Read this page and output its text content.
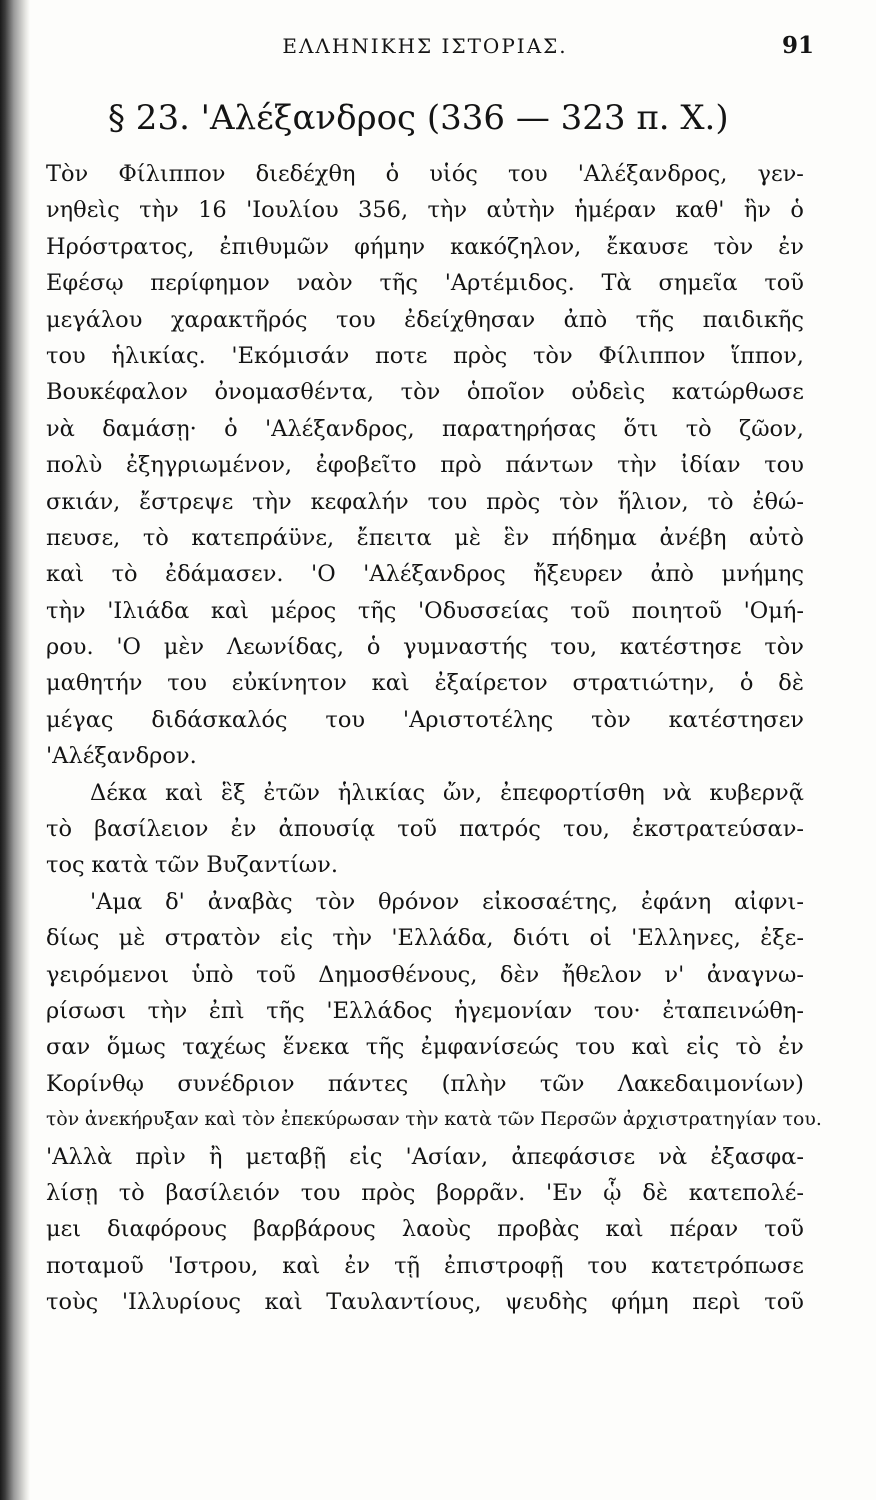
ΕΛΛΗΝΙΚΗΣ ΙΣΤΟΡΙΑΣ.	91
§ 23. 'Αλέξανδρος (336 — 323 π. Χ.)
Τὸν Φίλιππον διεδέχθη ὁ υἱός του 'Αλέξανδρος, γεν-
νηθεὶς τὴν 16 'Ιουλίου 356, τὴν αὐτὴν ἡμέραν καθ' ἣν ὁ
Ηρόστρατος, ἐπιθυμῶν φήμην κακόζηλον, ἔκαυσε τὸν ἐν
Εφέσῳ περίφημον ναὸν τῆς 'Αρτέμιδος. Τὰ σημεῖα τοῦ
μεγάλου χαρακτῆρός του ἐδείχθησαν ἀπὸ τῆς παιδικῆς
του ἡλικίας. 'Εκόμισάν ποτε πρὸς τὸν Φίλιππον ἵππον,
Βουκέφαλον ὀνομασθέντα, τὸν ὁποῖον οὐδεὶς κατώρθωσε
νὰ δαμάσῃ· ὁ 'Αλέξανδρος, παρατηρήσας ὅτι τὸ ζῶον,
πολὺ ἐξηγριωμένον, ἐφοβεῖτο πρὸ πάντων τὴν ἰδίαν του
σκιάν, ἔστρεψε τὴν κεφαλήν του πρὸς τὸν ἥλιον, τὸ ἐθώ-
πευσε, τὸ κατεπράϋνε, ἔπειτα μὲ ἓν πήδημα ἀνέβη αὐτὸ
καὶ τὸ ἐδάμασεν. 'Ο 'Αλέξανδρος ἤξευρεν ἀπὸ μνήμης
τὴν 'Ιλιάδα καὶ μέρος τῆς 'Οδυσσείας τοῦ ποιητοῦ 'Ομή-
ρου. 'Ο μὲν Λεωνίδας, ὁ γυμναστής του, κατέστησε τὸν
μαθητήν του εὐκίνητον καὶ ἐξαίρετον στρατιώτην, ὁ δὲ
μέγας διδάσκαλός του 'Αριστοτέλης τὸν κατέστησεν
'Αλέξανδρον.
Δέκα καὶ ἓξ ἐτῶν ἡλικίας ὤν, ἐπεφορτίσθη νὰ κυβερνᾷ
τὸ βασίλειον ἐν ἀπουσίᾳ τοῦ πατρός του, ἐκστρατεύσαν-
τος κατὰ τῶν Βυζαντίων.
'Αμα δ' ἀναβὰς τὸν θρόνον εἰκοσαέτης, ἐφάνη αἰφνι-
δίως μὲ στρατὸν εἰς τὴν 'Ελλάδα, διότι οἱ 'Ελληνες, ἐξε-
γειρόμενοι ὑπὸ τοῦ Δημοσθένους, δὲν ἤθελον ν' ἀναγνω-
ρίσωσι τὴν ἐπὶ τῆς 'Ελλάδος ἡγεμονίαν του· ἐταπεινώθη-
σαν ὅμως ταχέως ἕνεκα τῆς ἐμφανίσεώς του καὶ εἰς τὸ ἐν
Κορίνθῳ συνέδριον πάντες (πλὴν τῶν Λακεδαιμονίων)
τὸν ἀνεκήρυξαν καὶ τὸν ἐπεκύρωσαν τὴν κατὰ τῶν Περσῶν ἀρχιστρατηγίαν του.
'Αλλὰ πρὶν ἢ μεταβῇ εἰς 'Ασίαν, ἀπεφάσισε νὰ ἐξασφα-
λίσῃ τὸ βασίλειόν του πρὸς βορρᾶν. 'Εν ᾧ δὲ κατεπολέ-
μει διαφόρους βαρβάρους λαοὺς προβὰς καὶ πέραν τοῦ
ποταμοῦ 'Ιστρου, καὶ ἐν τῇ ἐπιστροφῇ του κατετρόπωσε
τοὺς 'Ιλλυρίους καὶ Ταυλαντίους, ψευδὴς φήμη περὶ τοῦ
